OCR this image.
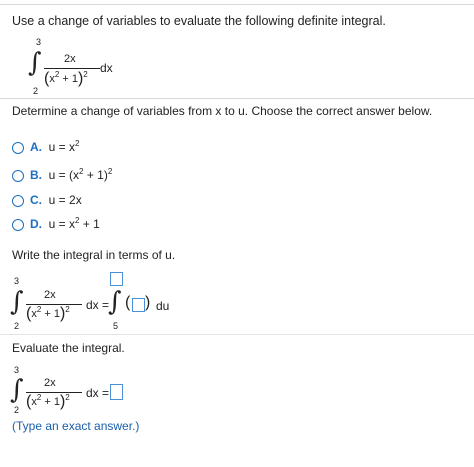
Use a change of variables to evaluate the following definite integral.
3
∫
2
2x
$(x^2 + 1)^2$ dx
Determine a change of variables from x to u. Choose the correct answer below.
A. $u = x^2$
B. $u = (x^2 + 1)^2$
C. u = 2x
D. $u = x^2 + 1$
Write the integral in terms of u.
3
∫
2
2x
$(x^2 + 1)^2$ dx =
∫
5
( ) du
Evaluate the integral.
3
∫
2
2x
$(x^2 + 1)^2$ dx =
(Type an exact answer.)
